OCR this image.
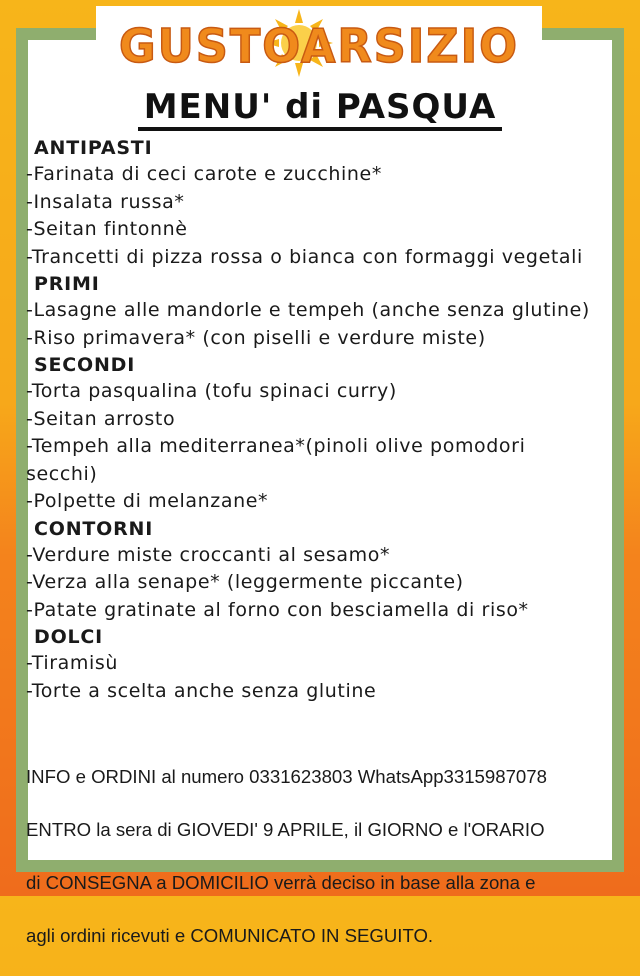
GUSTOARSIZIO
MENU' di PASQUA
ANTIPASTI
-Farinata di ceci carote e zucchine*
-Insalata russa*
-Seitan fintonnè
-Trancetti di pizza rossa o bianca con formaggi vegetali
PRIMI
-Lasagne alle mandorle e tempeh (anche senza glutine)
-Riso primavera* (con piselli e verdure miste)
SECONDI
-Torta pasqualina (tofu spinaci curry)
-Seitan arrosto
-Tempeh alla mediterranea*(pinoli olive pomodori secchi)
-Polpette di melanzane*
CONTORNI
-Verdure miste croccanti al sesamo*
-Verza alla senape* (leggermente piccante)
-Patate gratinate al forno con besciamella di riso*
DOLCI
-Tiramisù
-Torte a scelta anche senza glutine

INFO e ORDINI al numero 0331623803 WhatsApp3315987078

ENTRO la sera di GIOVEDI' 9 APRILE, il GIORNO e l'ORARIO

di CONSEGNA a DOMICILIO verrà deciso in base alla zona e

agli ordini ricevuti e COMUNICATO IN SEGUITO.
